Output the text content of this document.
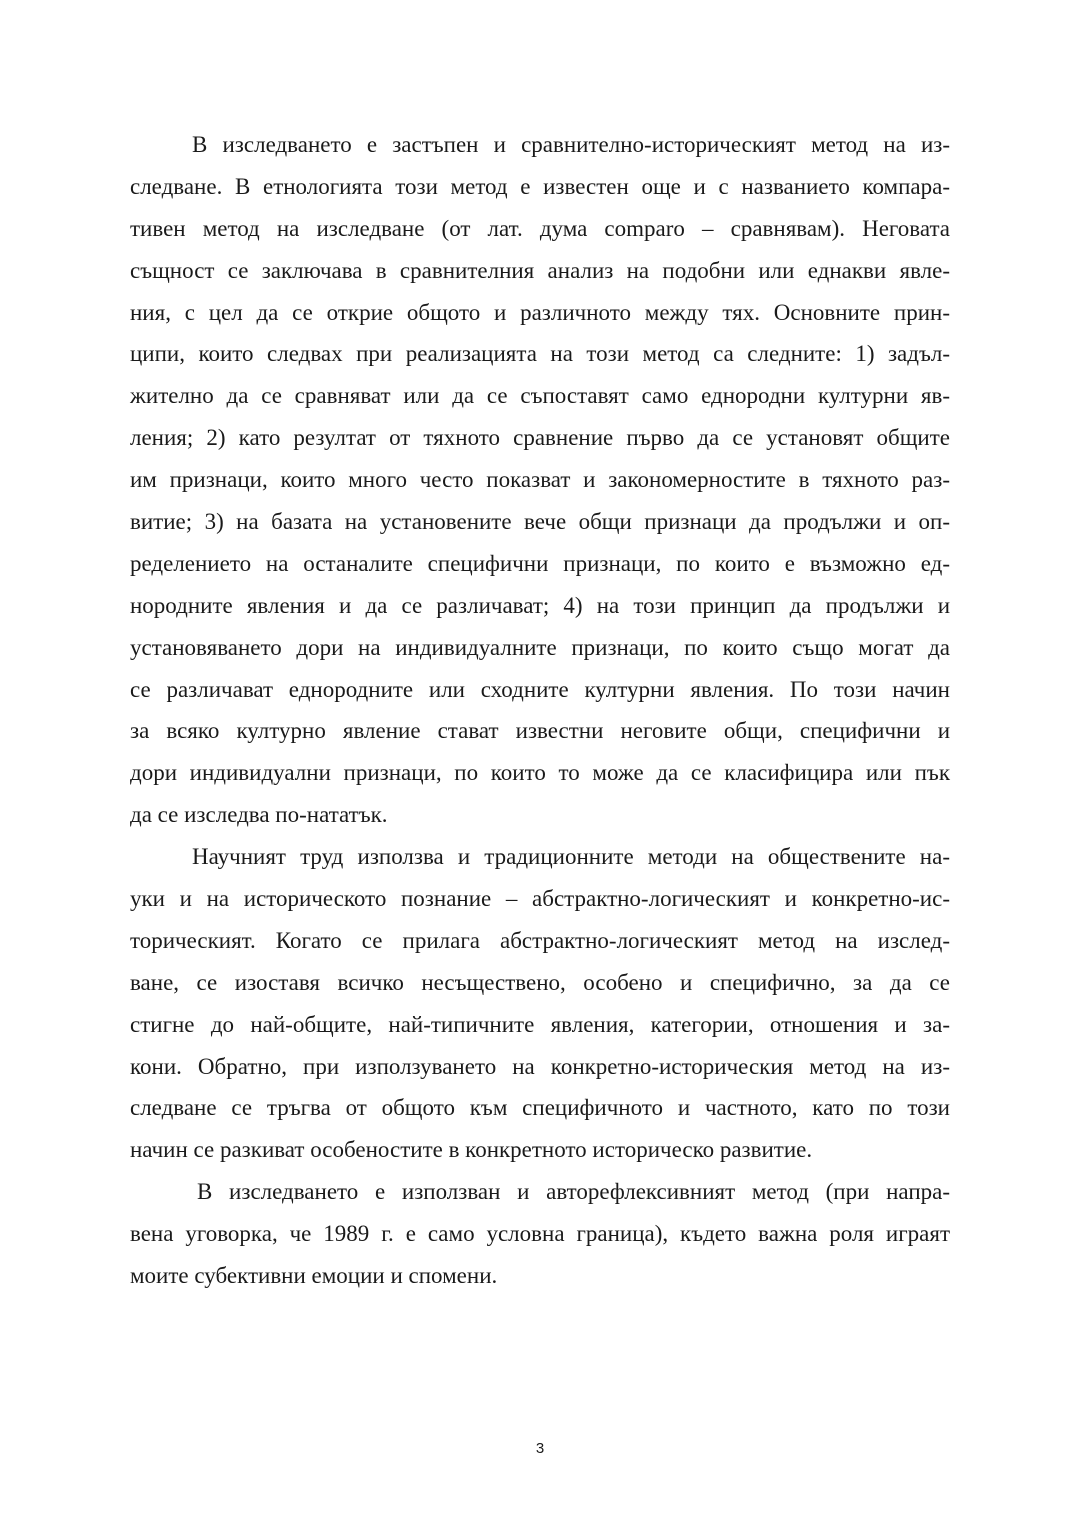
В изследването е застъпен и сравнително-историческият метод на из-
следване. В етнологията този метод е известен още и с названието компара-
тивен метод на изследване (от лат. дума comparo – сравнявам). Неговата
същност се заключава в сравнителния анализ на подобни или еднакви явле-
ния, с цел да се открие общото и различното между тях. Основните прин-
ципи, които следвах при реализацията на този метод са следните: 1) задъл-
жително да се сравняват или да се съпоставят само еднородни културни яв-
ления; 2) като резултат от тяхното сравнение първо да се установят общите
им признаци, които много често показват и закономерностите в тяхното раз-
витие; 3) на базата на установените вече общи признаци да продължи и оп-
ределението на останалите специфични признаци, по които е възможно ед-
нородните явления и да се различават; 4) на този принцип да продължи и
установяването дори на индивидуалните признаци, по които също могат да
се различават еднородните или сходните културни явления. По този начин
за всяко културно явление стават известни неговите общи, специфични и
дори индивидуални признаци, по които то може да се класифицира или пък
да се изследва по-нататък.
Научният труд използва и традиционните методи на обществените на-
уки и на историческото познание – абстрактно-логическият и конкретно-ис-
торическият. Когато се прилага абстрактно-логическият метод на изслед-
ване, се изоставя всичко несъществено, особено и специфично, за да се
стигне до най-общите, най-типичните явления, категории, отношения и за-
кони. Обратно, при използуването на конкретно-историческия метод на из-
следване се тръгва от общото към специфичното и частното, като по този
начин се разкиват особеностите в конкретното историческо развитие.
В изследването е използван и авторефлексивният метод (при напра-
вена уговорка, че 1989 г. е само условна граница), където важна роля играят
моите субективни емоции и спомени.
3
